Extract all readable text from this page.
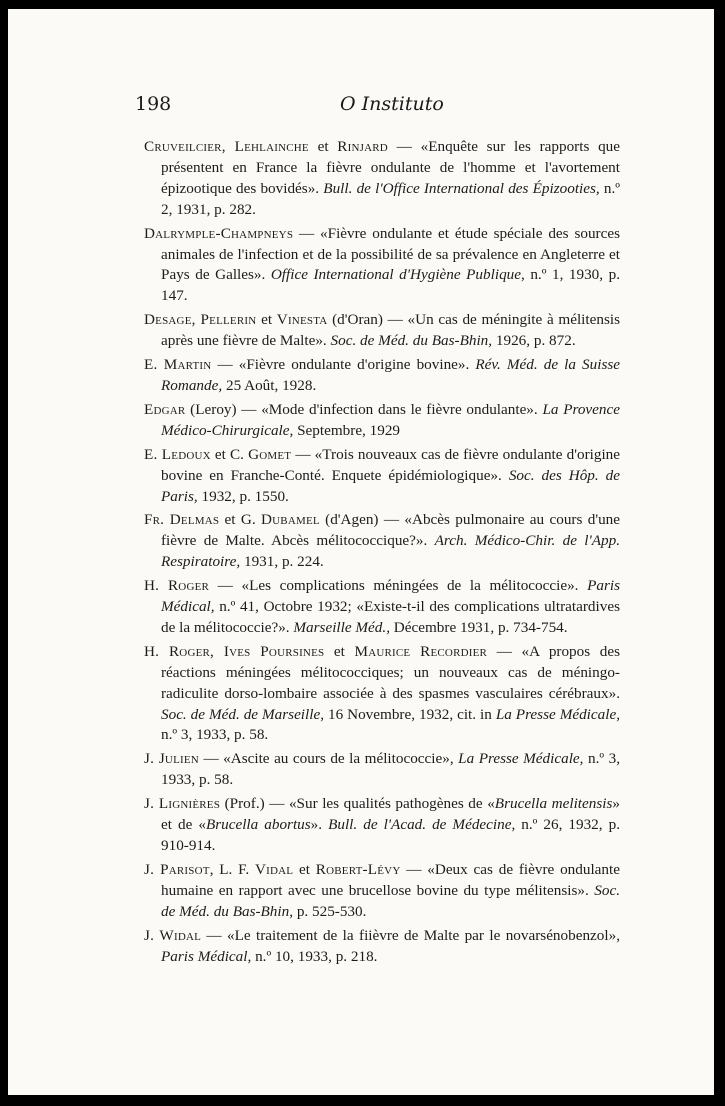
198	O Instituto

Cruveilcier, Lehlainche et Rinjard — «Enquête sur les rapports que présentent en France la fièvre ondulante de l'homme et l'avortement épizootique des bovidés». Bull. de l'Office International des Épizooties, n.º 2, 1931, p. 282.

Dalrymple-Champneys — «Fièvre ondulante et étude spéciale des sources animales de l'infection et de la possibilité de sa prévalence en Angleterre et Pays de Galles». Office International d'Hygiène Publique, n.º 1, 1930, p. 147.

Desage, Pellerin et Vinesta (d'Oran) — «Un cas de méningite à mélitensis après une fièvre de Malte». Soc. de Méd. du Bas-Bhin, 1926, p. 872.

E. Martin — «Fièvre ondulante d'origine bovine». Rév. Méd. de la Suisse Romande, 25 Août, 1928.

Edgar (Leroy) — «Mode d'infection dans le fièvre ondulante». La Provence Médico-Chirurgicale, Septembre, 1929

E. Ledoux et C. Gomet — «Trois nouveaux cas de fièvre ondulante d'origine bovine en Franche-Conté. Enquete épidémiologique». Soc. des Hôp. de Paris, 1932, p. 1550.

Fr. Delmas et G. Dubamel (d'Agen) — «Abcès pulmonaire au cours d'une fièvre de Malte. Abcès mélitococcique?». Arch. Médico-Chir. de l'App. Respiratoire, 1931, p. 224.

H. Roger — «Les complications méningées de la mélitococcie». Paris Médical, n.º 41, Octobre 1932; «Existe-t-il des complications ultratardives de la mélitococcie?». Marseille Méd., Décembre 1931, p. 734-754.

H. Roger, Ives Poursines et Maurice Recordier — «A propos des réactions méningées mélitococciques; un nouveaux cas de méningo-radiculite dorso-lombaire associée à des spasmes vasculaires cérébraux». Soc. de Méd. de Marseille, 16 Novembre, 1932, cit. in La Presse Médicale, n.º 3, 1933, p. 58.

J. Julien — «Ascite au cours de la mélitococcie», La Presse Médicale, n.º 3, 1933, p. 58.

J. Lignières (Prof.) — «Sur les qualités pathogènes de «Brucella melitensis» et de «Brucella abortus». Bull. de l'Acad. de Médecine, n.º 26, 1932, p. 910-914.

J. Parisot, L. F. Vidal et Robert-Lévy — «Deux cas de fièvre ondulante humaine en rapport avec une brucellose bovine du type mélitensis». Soc. de Méd. du Bas-Bhin, p. 525-530.

J. Widal — «Le traitement de la fiièvre de Malte par le novarsénobenzol», Paris Médical, n.º 10, 1933, p. 218.
